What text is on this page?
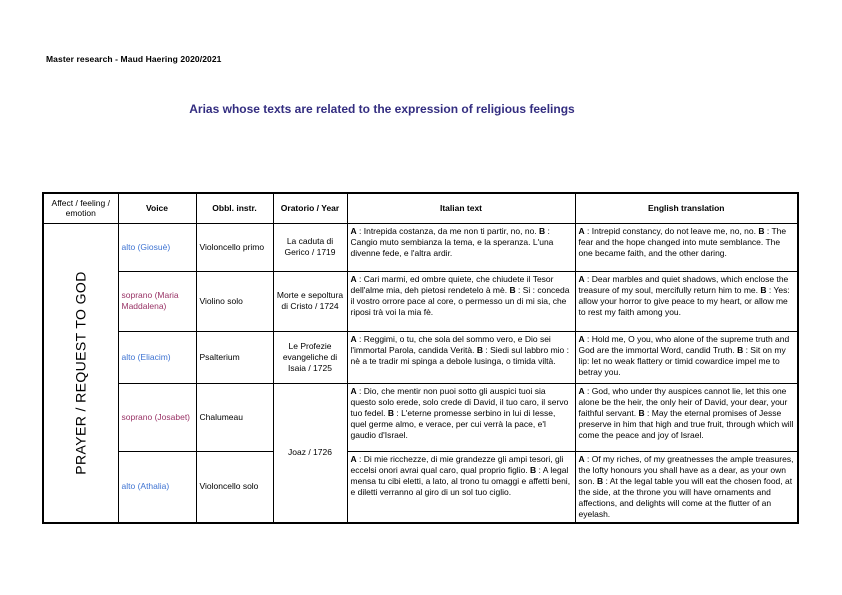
Master research - Maud Haering 2020/2021
Arias whose texts are related to the expression of religious feelings
Affect / feeling / emotion	Voice	Obbl. instr.	Oratorio / Year	Italian text	English translation

PRAYER / REQUEST TO GOD	alto (Giosuè)	Violoncello primo	La caduta di Gerico / 1719	A : Intrepida costanza, da me non ti partir, no, no. B : Cangio muto sembianza la tema, e la speranza. L'una divenne fede, e l'altra ardir.	A : Intrepid constancy, do not leave me, no, no. B : The fear and the hope changed into mute semblance. The one became faith, and the other daring.
	soprano (Maria Maddalena)	Violino solo	Morte e sepoltura di Cristo / 1724	A : Cari marmi, ed ombre quiete, che chiudete il Tesor dell'alme mia, deh pietosi rendetelo à mè. B : Si : conceda il vostro orrore pace al core, o permesso un di mi sia, che riposi trà voi la mia fè.	A : Dear marbles and quiet shadows, which enclose the treasure of my soul, mercifully return him to me. B : Yes: allow your horror to give peace to my heart, or allow me to rest my faith among you.
	alto (Eliacim)	Psalterium	Le Profezie evangeliche di Isaia / 1725	A : Reggimi, o tu, che sola del sommo vero, e Dio sei l'immortal Parola, candida Verità. B : Siedi sul labbro mio : nè a te tradir mi spinga a debole lusinga, o timida viltà.	A : Hold me, O you, who alone of the supreme truth and God are the immortal Word, candid Truth. B : Sit on my lip: let no weak flattery or timid cowardice impel me to betray you.
soprano (Josabet)	Chalumeau	Joaz / 1726	A : Dio, che mentir non puoi sotto gli auspici tuoi sia questo solo erede, solo crede di David, il tuo caro, il servo tuo fedel. B : L'eterne promesse serbino in lui di Iesse, quel germe almo, e verace, per cui verrà la pace, e'l gaudio d'Israel.	A : God, who under thy auspices cannot lie, let this one alone be the heir, the only heir of David, your dear, your faithful servant. B : May the eternal promises of Jesse preserve in him that high and true fruit, through which will come the peace and joy of Israel.
alto (Athalia)	Violoncello solo	A : Di mie ricchezze, di mie grandezze gli ampi tesori, gli eccelsi onori avrai qual caro, qual proprio figlio. B : A legal mensa tu cibi eletti, a lato, al trono tu omaggi e affetti beni, e diletti verranno al giro di un sol tuo ciglio.	A : Of my riches, of my greatnesses the ample treasures, the lofty honours you shall have as a dear, as your own son. B : At the legal table you will eat the chosen food, at the side, at the throne you will have ornaments and affections, and delights will come at the flutter of an eyelash.
